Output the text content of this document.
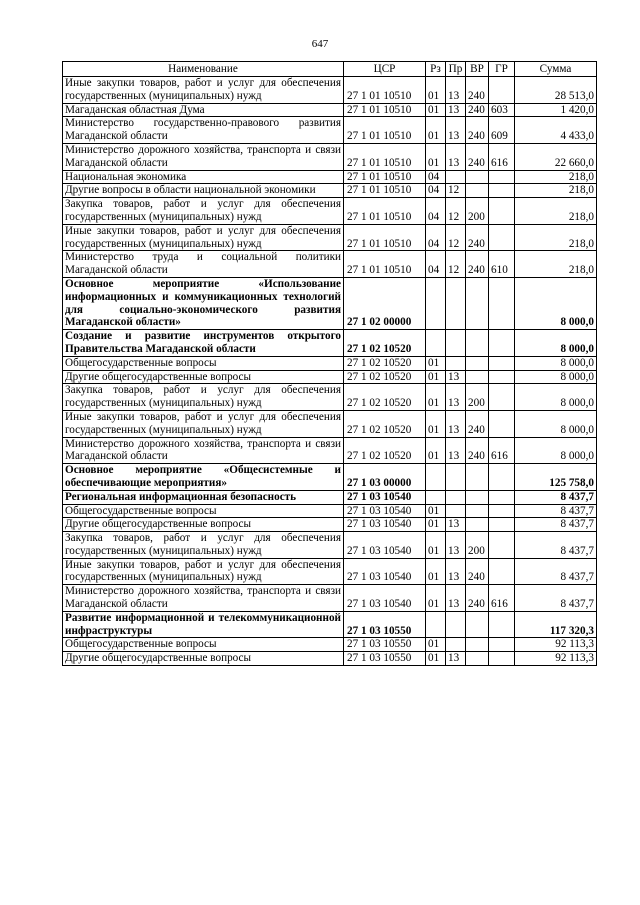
647
Наименование	ЦСР	Рз	Пр	ВР	ГР	Сумма
Иные закупки товаров, работ и услуг для обеспечения государственных (муниципальных) нужд	27 1 01 10510	01	13	240		28 513,0
Магаданская областная Дума	27 1 01 10510	01	13	240	603	1 420,0
Министерство государственно-правового развития Магаданской области	27 1 01 10510	01	13	240	609	4 433,0
Министерство дорожного хозяйства, транспорта и связи Магаданской области	27 1 01 10510	01	13	240	616	22 660,0
Национальная экономика	27 1 01 10510	04				218,0
Другие вопросы в области национальной экономики	27 1 01 10510	04	12			218,0
Закупка товаров, работ и услуг для обеспечения государственных (муниципальных) нужд	27 1 01 10510	04	12	200		218,0
Иные закупки товаров, работ и услуг для обеспечения государственных (муниципальных) нужд	27 1 01 10510	04	12	240		218,0
Министерство труда и социальной политики Магаданской области	27 1 01 10510	04	12	240	610	218,0
Основное мероприятие «Использование информационных и коммуникационных технологий для социально-экономического развития Магаданской области»	27 1 02 00000					8 000,0
Создание и развитие инструментов открытого Правительства Магаданской области	27 1 02 10520					8 000,0
Общегосударственные вопросы	27 1 02 10520	01				8 000,0
Другие общегосударственные вопросы	27 1 02 10520	01	13			8 000,0
Закупка товаров, работ и услуг для обеспечения государственных (муниципальных) нужд	27 1 02 10520	01	13	200		8 000,0
Иные закупки товаров, работ и услуг для обеспечения государственных (муниципальных) нужд	27 1 02 10520	01	13	240		8 000,0
Министерство дорожного хозяйства, транспорта и связи Магаданской области	27 1 02 10520	01	13	240	616	8 000,0
Основное мероприятие «Общесистемные и обеспечивающие мероприятия»	27 1 03 00000					125 758,0
Региональная информационная безопасность	27 1 03 10540					8 437,7
Общегосударственные вопросы	27 1 03 10540	01				8 437,7
Другие общегосударственные вопросы	27 1 03 10540	01	13			8 437,7
Закупка товаров, работ и услуг для обеспечения государственных (муниципальных) нужд	27 1 03 10540	01	13	200		8 437,7
Иные закупки товаров, работ и услуг для обеспечения государственных (муниципальных) нужд	27 1 03 10540	01	13	240		8 437,7
Министерство дорожного хозяйства, транспорта и связи Магаданской области	27 1 03 10540	01	13	240	616	8 437,7
Развитие информационной и телекоммуникационной инфраструктуры	27 1 03 10550					117 320,3
Общегосударственные вопросы	27 1 03 10550	01				92 113,3
Другие общегосударственные вопросы	27 1 03 10550	01	13			92 113,3
